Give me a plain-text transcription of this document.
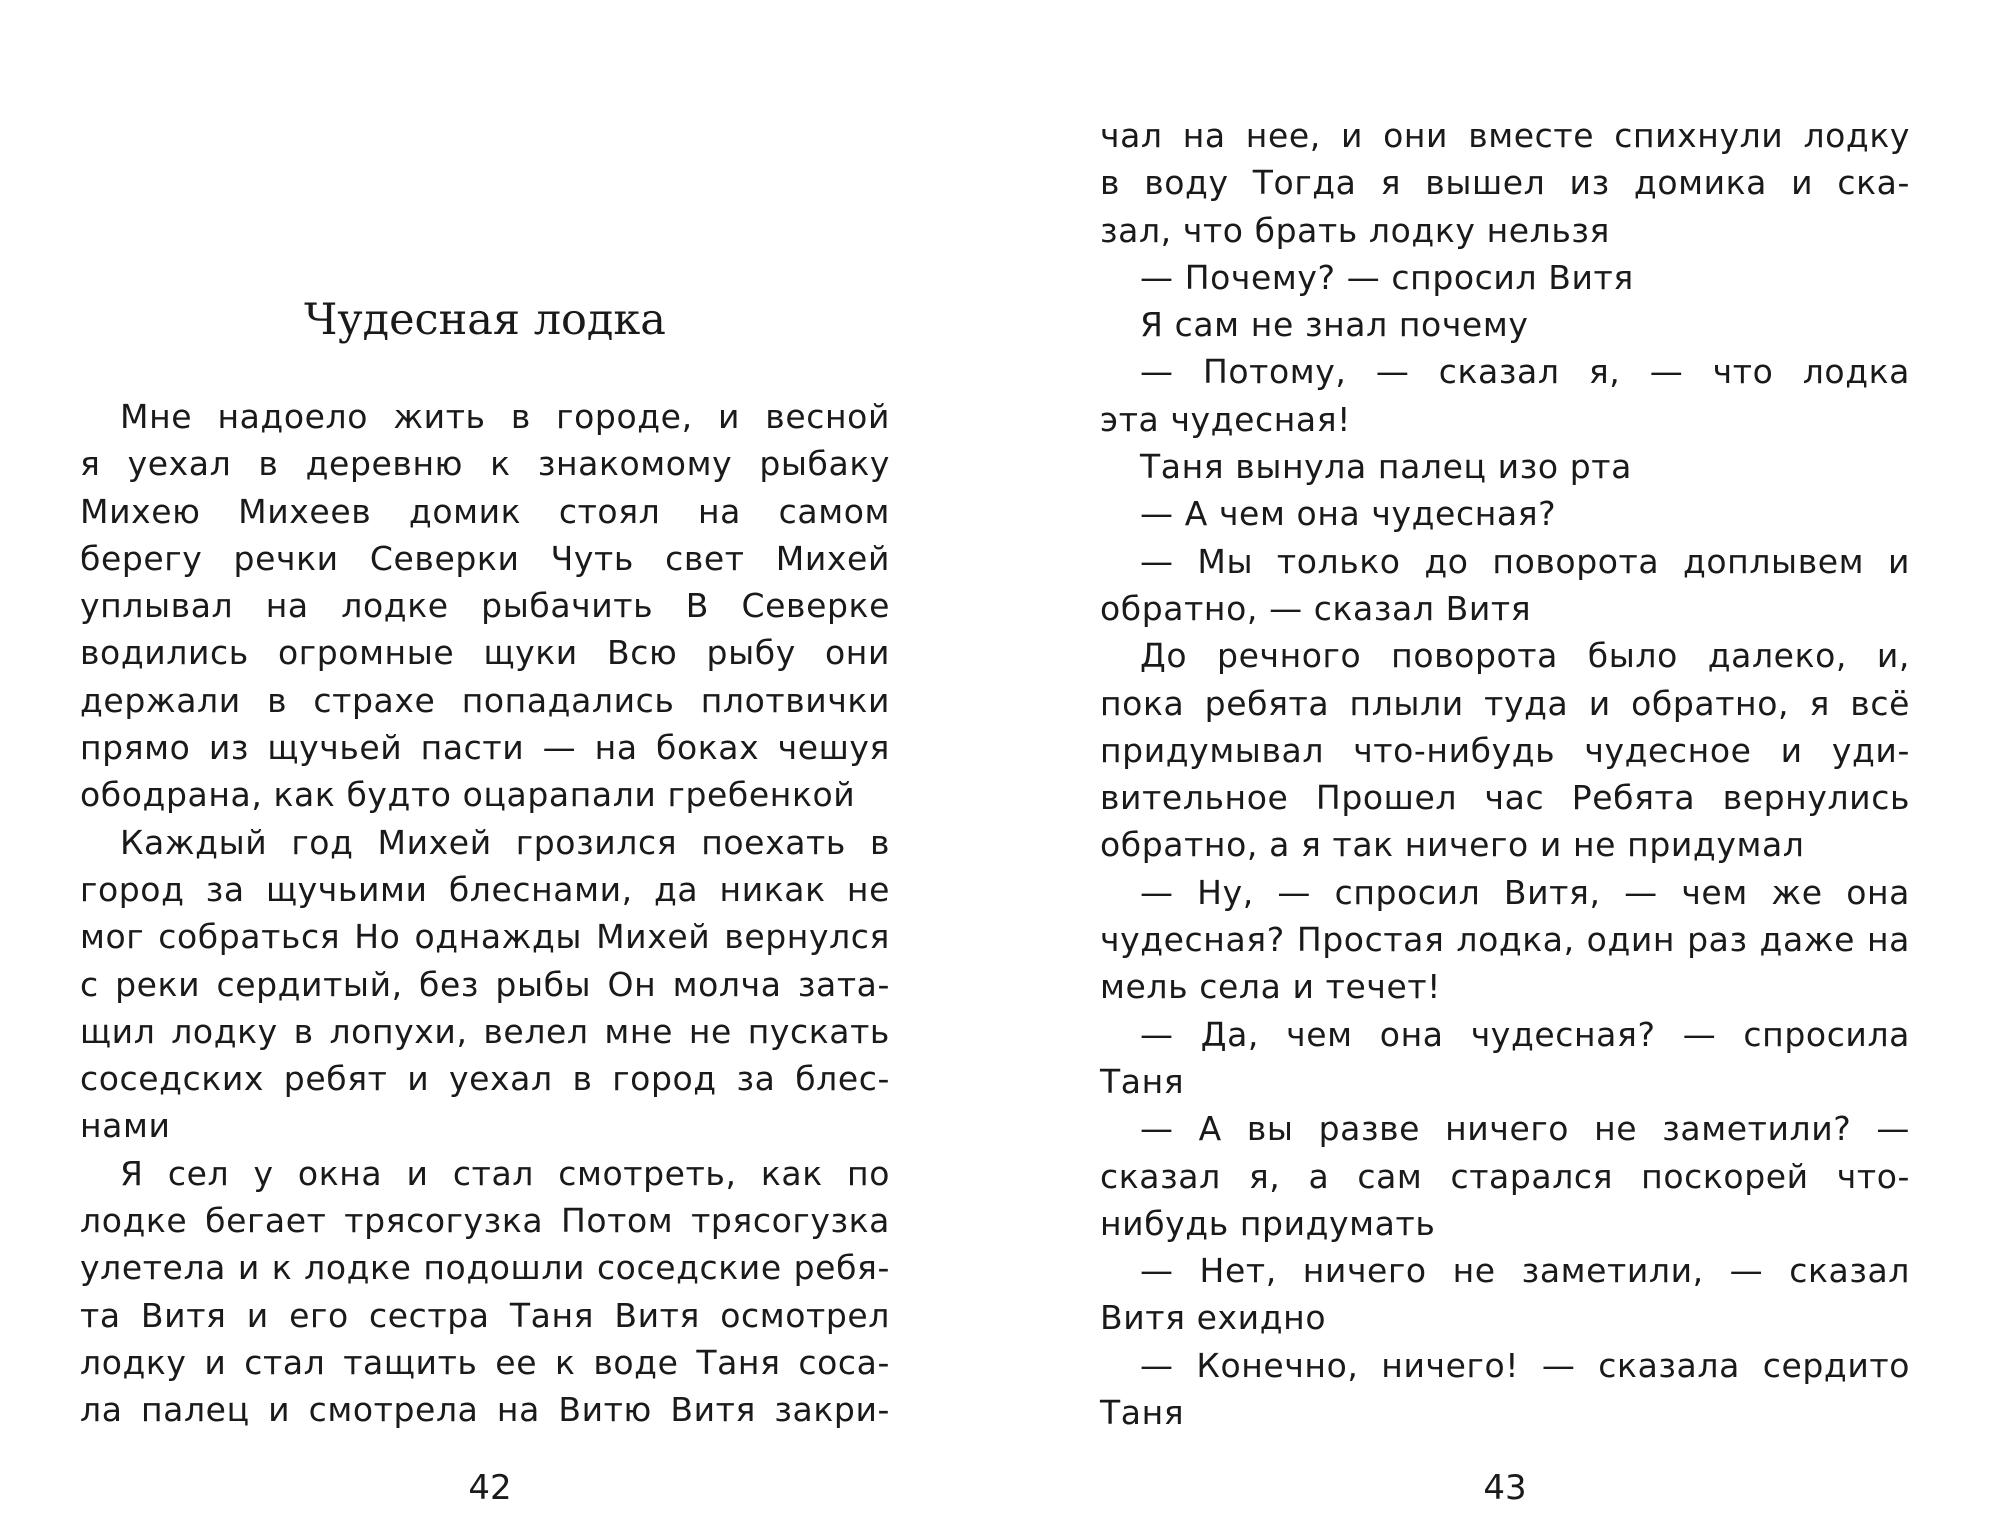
Чудесная лодка
Мне надоело жить в городе, и весной
я уехал в деревню к знакомому рыбаку
Михею Михеев домик стоял на самом
берегу речки Северки Чуть свет Михей
уплывал на лодке рыбачить В Северке
водились огромные щуки Всю рыбу они
держали в страхе попадались плотвички
прямо из щучьей пасти — на боках чешуя
ободрана, как будто оцарапали гребенкой
Каждый год Михей грозился поехать в
город за щучьими блеснами, да никак не
мог собраться Но однажды Михей вернулся
с реки сердитый, без рыбы Он молча зата-
щил лодку в лопухи, велел мне не пускать
соседских ребят и уехал в город за блес-
нами
Я сел у окна и стал смотреть, как по
лодке бегает трясогузка Потом трясогузка
улетела и к лодке подошли соседские ребя-
та Витя и его сестра Таня Витя осмотрел
лодку и стал тащить ее к воде Таня соса-
ла палец и смотрела на Витю Витя закри-
42
чал на нее, и они вместе спихнули лодку
в воду Тогда я вышел из домика и ска-
зал, что брать лодку нельзя
— Почему? — спросил Витя
Я сам не знал почему
— Потому, — сказал я, — что лодка
эта чудесная!
Таня вынула палец изо рта
— А чем она чудесная?
— Мы только до поворота доплывем и
обратно, — сказал Витя
До речного поворота было далеко, и,
пока ребята плыли туда и обратно, я всё
придумывал что-нибудь чудесное и уди-
вительное Прошел час Ребята вернулись
обратно, а я так ничего и не придумал
— Ну, — спросил Витя, — чем же она
чудесная? Простая лодка, один раз даже на
мель села и течет!
— Да, чем она чудесная? — спросила
Таня
— А вы разве ничего не заметили? —
сказал я, а сам старался поскорей что-
нибудь придумать
— Нет, ничего не заметили, — сказал
Витя ехидно
— Конечно, ничего! — сказала сердито
Таня
43
